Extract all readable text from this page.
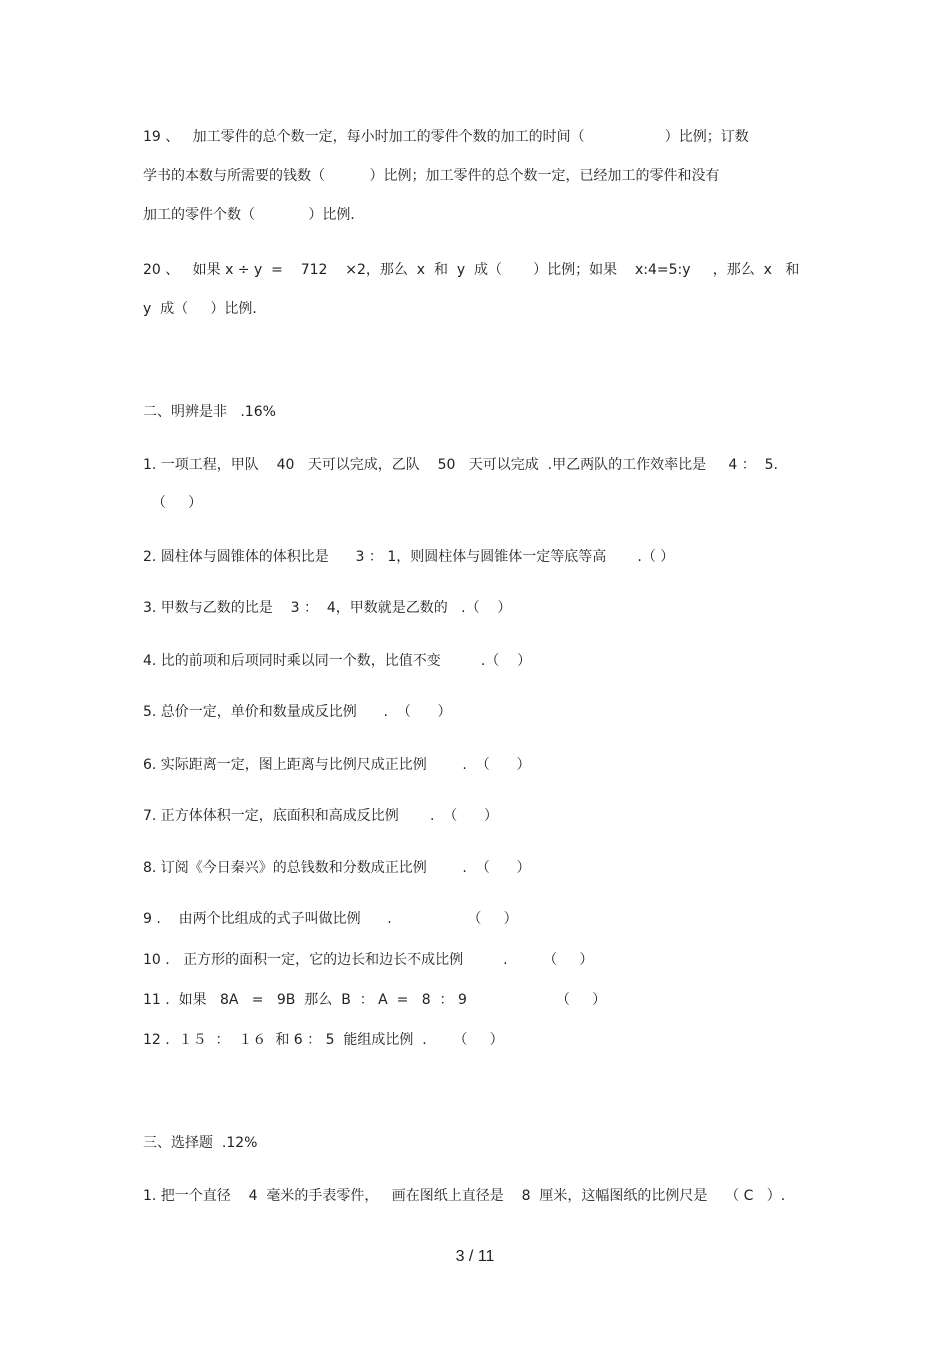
19 、   加工零件的总个数一定，每小时加工的零件个数的加工的时间（                  ）比例；订数
学书的本数与所需要的钱数（          ）比例；加工零件的总个数一定，已经加工的零件和没有
加工的零件个数（            ）比例．
20 、   如果 x ÷ y  =    712    ×2，那么  x  和  y  成（       ）比例；如果    x:4=5:y     ，那么  x   和
y  成（     ）比例．
二、明辨是非   .16%
1. 一项工程，甲队    40   天可以完成，乙队    50   天可以完成  .甲乙两队的工作效率比是     4 ：  5.
（     ）
2. 圆柱体与圆锥体的体积比是      3 ： 1，则圆柱体与圆锥体一定等底等高       .（ ）
3. 甲数与乙数的比是    3 ：  4，甲数就是乙数的   .（    ）
4. 比的前项和后项同时乘以同一个数，比值不变         .（    ）
5. 总价一定，单价和数量成反比例      .  （      ）
6. 实际距离一定，图上距离与比例尺成正比例        .  （      ）
7. 正方体体积一定，底面积和高成反比例       .  （      ）
8. 订阅《今日秦兴》的总钱数和分数成正比例        .  （      ）
9 .    由两个比组成的式子叫做比例      .                 （     ）
10 .   正方形的面积一定，它的边长和边长不成比例         .        （     ）
11 .  如果   8A   =   9B  那么  B  ： A  =   8  ： 9                    （     ）
12 .  １５  ：  １６  和 6 ： 5  能组成比例  .      （     ）
三、选择题  .12%
1. 把一个直径    4  毫米的手表零件，   画在图纸上直径是    8  厘米，这幅图纸的比例尺是    （ C   ）.
3 / 11
